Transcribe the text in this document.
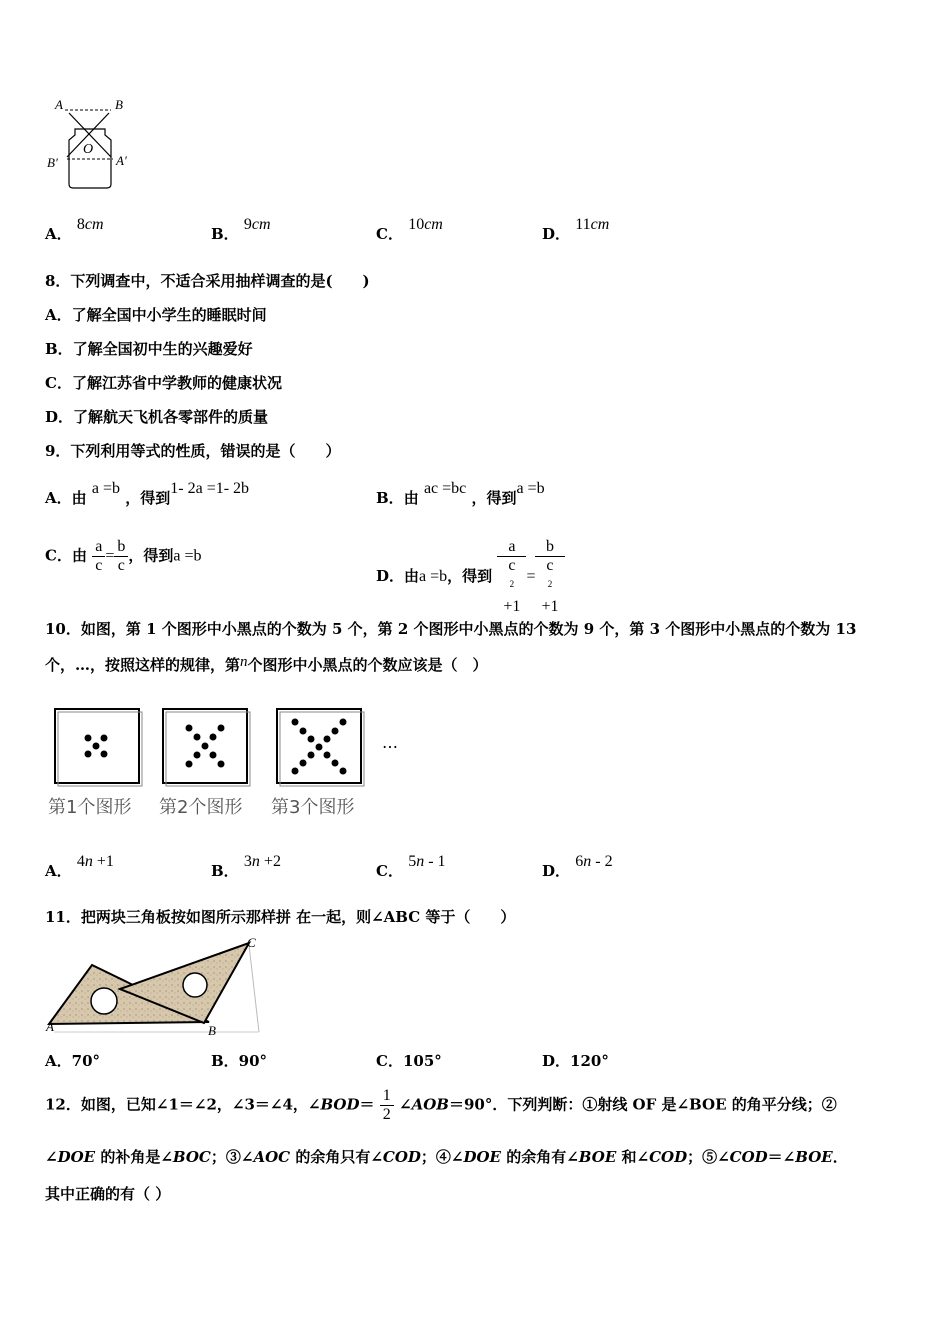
A	B
O
B′	A′
A． 8cm
B． 9cm
C． 10cm
D． 11cm
8．下列调查中，不适合采用抽样调查的是(　　)
A．了解全国中小学生的睡眠时间
B．了解全国初中生的兴趣爱好
C．了解江苏省中学教师的健康状况
D．了解航天飞机各零部件的质量
9．下列利用等式的性质，错误的是（　　）
A．由 a =b ，得到1- 2a =1- 2b
B．由 ac =bc ，得到a =b
C．由 $\frac{a}{c} = \frac{b}{c}$ ，得到a =b
D．由a =b，得到 a
c
$^2$
+1 = b
c
$^2$
+1
10．如图，第 1 个图形中小黑点的个数为 5 个，第 2 个图形中小黑点的个数为 9 个，第 3 个图形中小黑点的个数为 13
个，…，按照这样的规律，第n个图形中小黑点的个数应该是（　）
…
第1个图形 第2个图形 第3个图形
A． 4n +1
B． 3n +2
C． 5n - 1
D． 6n - 2
11．把两块三角板按如图所示那样拼 在一起，则∠ABC 等于（　　）
A	B
C
A．70°	B．90°	C．105°	D．120°
12．如图，已知∠1＝∠2，∠3＝∠4，∠BOD＝ $\frac{1}{2}$ ∠AOB＝90°．下列判断：①射线 OF 是∠BOE 的角平分线；②
∠DOE 的补角是∠BOC；③∠AOC 的余角只有∠COD；④∠DOE 的余角有∠BOE 和∠COD；⑤∠COD＝∠BOE．
其中正确的有（ ）
